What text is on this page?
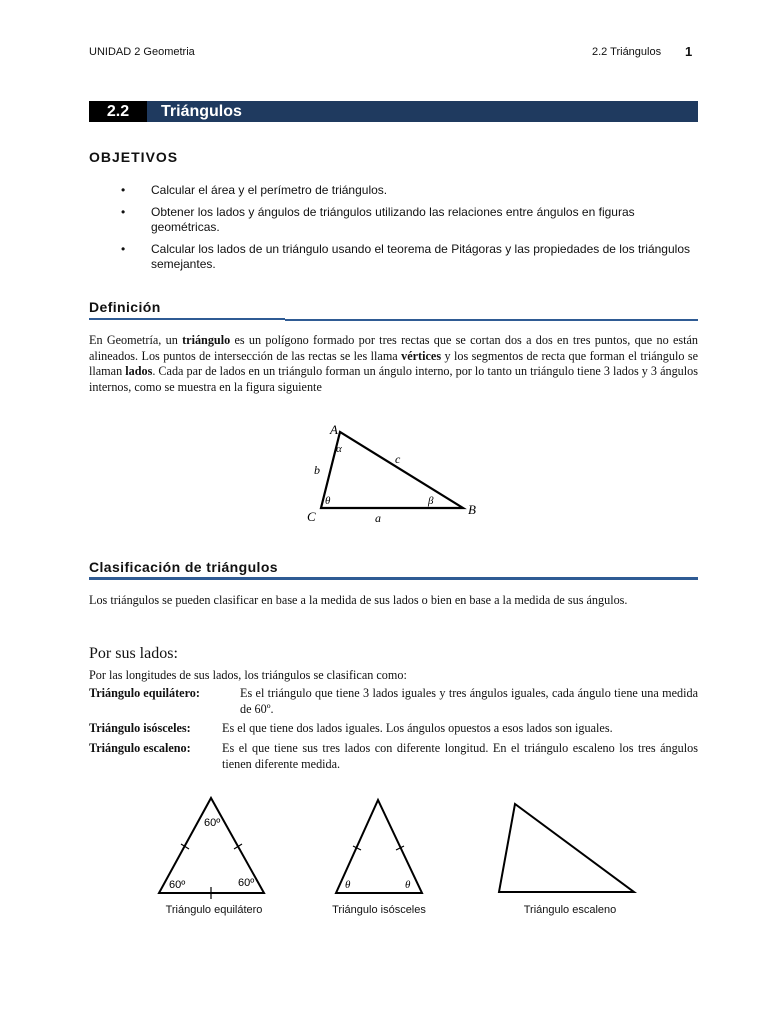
UNIDAD 2 Geometria	2.2 Triángulos 1
2.2	Triángulos
OBJETIVOS
• Calcular el área y el perímetro de triángulos.
• Obtener los lados y ángulos de triángulos utilizando las relaciones entre ángulos en figuras geométricas.
• Calcular los lados de un triángulo usando el teorema de Pitágoras y las propiedades de los triángulos semejantes.
Definición
En Geometría, un triángulo es un polígono formado por tres rectas que se cortan dos a dos en tres puntos, que no están alineados. Los puntos de intersección de las rectas se les llama vértices y los segmentos de recta que forman el triángulo se llaman lados. Cada par de lados en un triángulo forman un ángulo interno, por lo tanto un triángulo tiene 3 lados y 3 ángulos internos, como se muestra en la figura siguiente
A
B
C	a
b
c
α
β
θ
Clasificación de triángulos
Los triángulos se pueden clasificar en base a la medida de sus lados o bien en base a la medida de sus ángulos.
Por sus lados:
Por las longitudes de sus lados, los triángulos se clasifican como:
Triángulo equilátero:	Es el triángulo que tiene 3 lados iguales y tres ángulos iguales, cada ángulo tiene una medida de 60º.
Triángulo isósceles:	Es el que tiene dos lados iguales. Los ángulos opuestos a esos lados son iguales.
Triángulo escaleno:	Es el que tiene sus tres lados con diferente longitud. En el triángulo escaleno los tres ángulos tienen diferente medida.
60º
60º	60º	θ	θ
Triángulo equilátero	Triángulo isósceles	Triángulo escaleno
